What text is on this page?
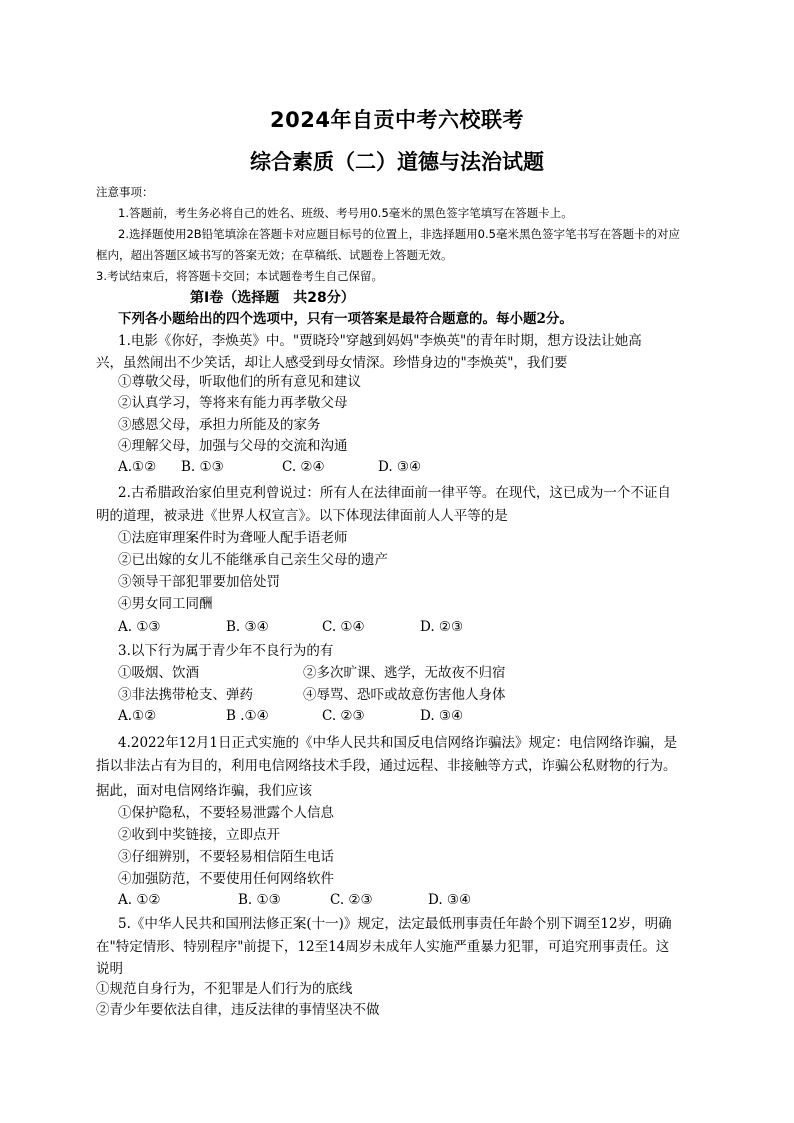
2024年自贡中考六校联考
综合素质（二）道德与法治试题
注意事项：
1.答题前，考生务必将自己的姓名、班级、考号用0.5毫米的黑色签字笔填写在答题卡上。
2.选择题使用2B铅笔填涂在答题卡对应题目标号的位置上，非选择题用0.5毫米黑色签字笔书写在答题卡的对应
框内，超出答题区域书写的答案无效；在草稿纸、试题卷上答题无效。
3.考试结束后，将答题卡交回；本试题卷考生自己保留。
第Ⅰ卷（选择题　共28分）
下列各小题给出的四个选项中，只有一项答案是最符合题意的。每小题2分。
1.电影《你好，李焕英》中。"贾晓玲"穿越到妈妈"李焕英"的青年时期，想方设法让她高
兴，虽然闹出不少笑话，却让人感受到母女情深。珍惜身边的"李焕英"，我们要
①尊敬父母，听取他们的所有意见和建议
②认真学习，等将来有能力再孝敬父母
③感恩父母，承担力所能及的家务
④理解父母，加强与父母的交流和沟通
A.①② B. ①③	C. ②④	D. ③④
2.古希腊政治家伯里克利曾说过：所有人在法律面前一律平等。在现代，这已成为一个不证自
明的道理，被录进《世界人权宣言》。以下体现法律面前人人平等的是
①法庭审理案件时为聋哑人配手语老师
②已出嫁的女儿不能继承自己亲生父母的遗产
③领导干部犯罪要加倍处罚
④男女同工同酬
A. ①③	B. ③④	C. ①④	D. ②③
3.以下行为属于青少年不良行为的有
①吸烟、饮酒	②多次旷课、逃学，无故夜不归宿
③非法携带枪支、弹药	④辱骂、恐吓或故意伤害他人身体
A.①②	B .①④	C. ②③	D. ③④
4.2022年12月1日正式实施的《中华人民共和国反电信网络诈骗法》规定：电信网络诈骗，是
指以非法占有为目的，利用电信网络技术手段，通过远程、非接触等方式，诈骗公私财物的行为。
据此，面对电信网络诈骗，我们应该
①保护隐私，不要轻易泄露个人信息
②收到中奖链接，立即点开
③仔细辨别，不要轻易相信陌生电话
④加强防范，不要使用任何网络软件
A. ①②	B. ①③	C. ②③	D. ③④
5.《中华人民共和国刑法修正案(十一)》规定，法定最低刑事责任年龄个别下调至12岁，明确
在"特定情形、特别程序"前提下，12至14周岁未成年人实施严重暴力犯罪，可追究刑事责任。这
说明
①规范自身行为，不犯罪是人们行为的底线
②青少年要依法自律，违反法律的事情坚决不做
